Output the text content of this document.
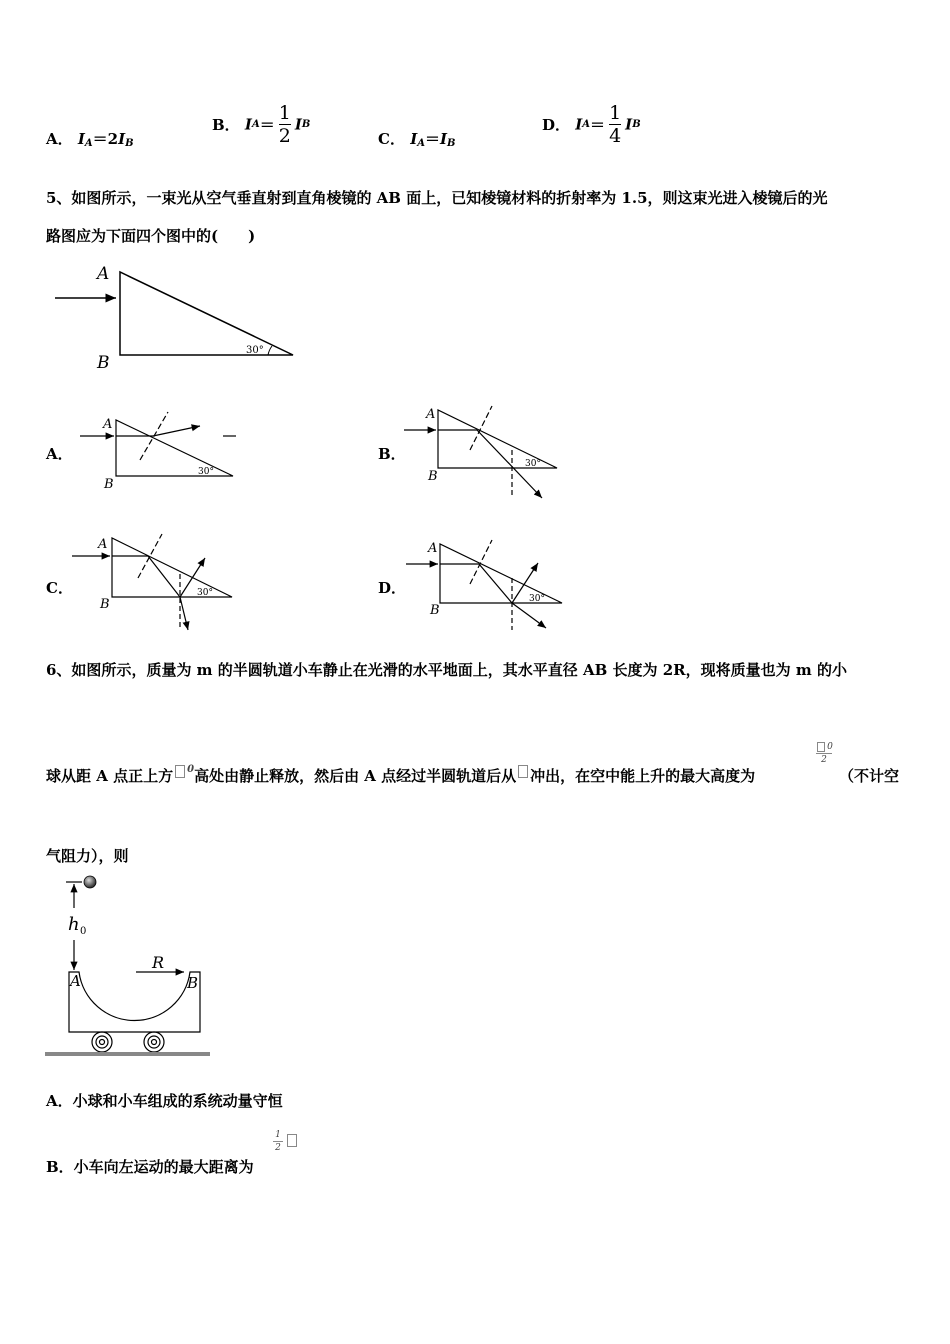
A． $I_A=2I_B$
B． $IA= \frac{1}{2}$ IB
C． $I_A=I_B$
D． $IA= \frac{1}{4}$ IB
5、如图所示，一束光从空气垂直射到直角棱镜的 AB 面上，已知棱镜材料的折射率为 1.5，则这束光进入棱镜后的光
路图应为下面四个图中的(　　)
A
B
30°
A．
A
B
30°
B．
A
B
30°
C．
A
B
30°	D．
A
B
30°
6、如图所示，质量为 m 的半圆轨道小车静止在光滑的水平地面上，其水平直径 AB 长度为 2R，现将质量也为 m 的小
球从距 A 点正上方 0高处由静止释放，然后由 A 点经过半圆轨道后从 冲出，在空中能上升的最大高度为
0
2
（不计空
气阻力），则
h 0
A	B
R
A．小球和小车组成的系统动量守恒
B．小车向左运动的最大距离为
1
2
